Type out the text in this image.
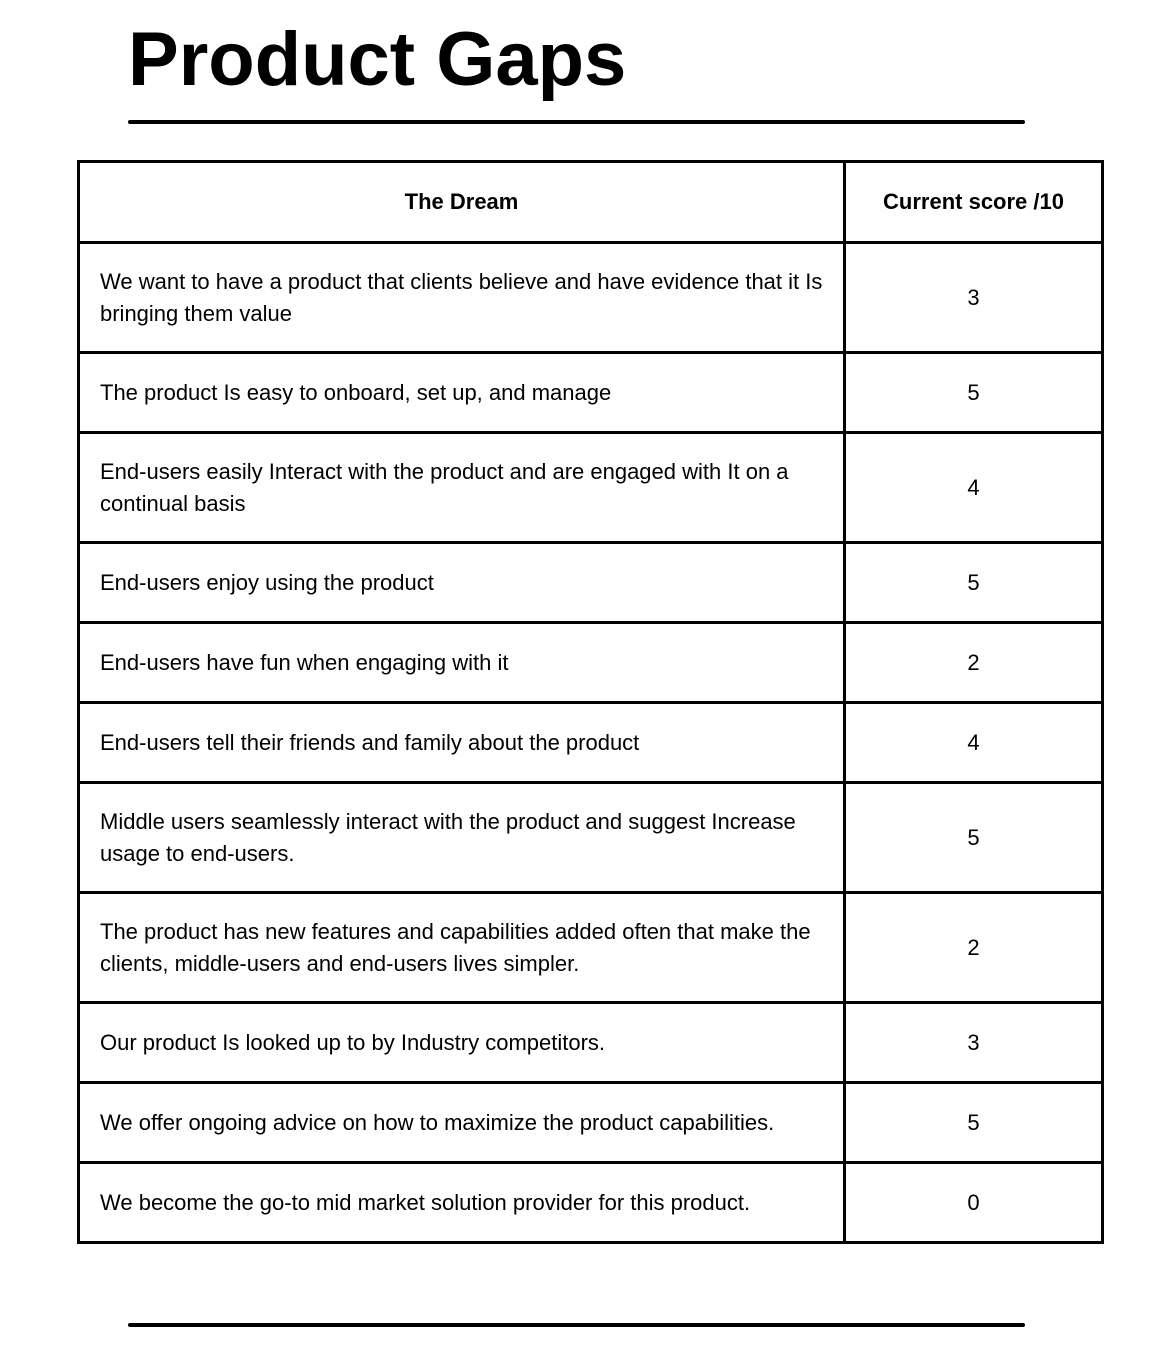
Product Gaps
The Dream	Current score /10
We want to have a product that clients believe and have evidence that it Is bringing them value	3
The product Is easy to onboard, set up, and manage	5
End-users easily Interact with the product and are engaged with It on a continual basis	4
End-users enjoy using the product	5
End-users have fun when engaging with it	2
End-users tell their friends and family about the product	4
Middle users seamlessly interact with the product and suggest Increase usage to end-users.	5
The product has new features and capabilities added often that make the clients, middle-users and end-users lives simpler.	2
Our product Is looked up to by Industry competitors.	3
We offer ongoing advice on how to maximize the product capabilities.	5
We become the go-to mid market solution provider for this product.	0
